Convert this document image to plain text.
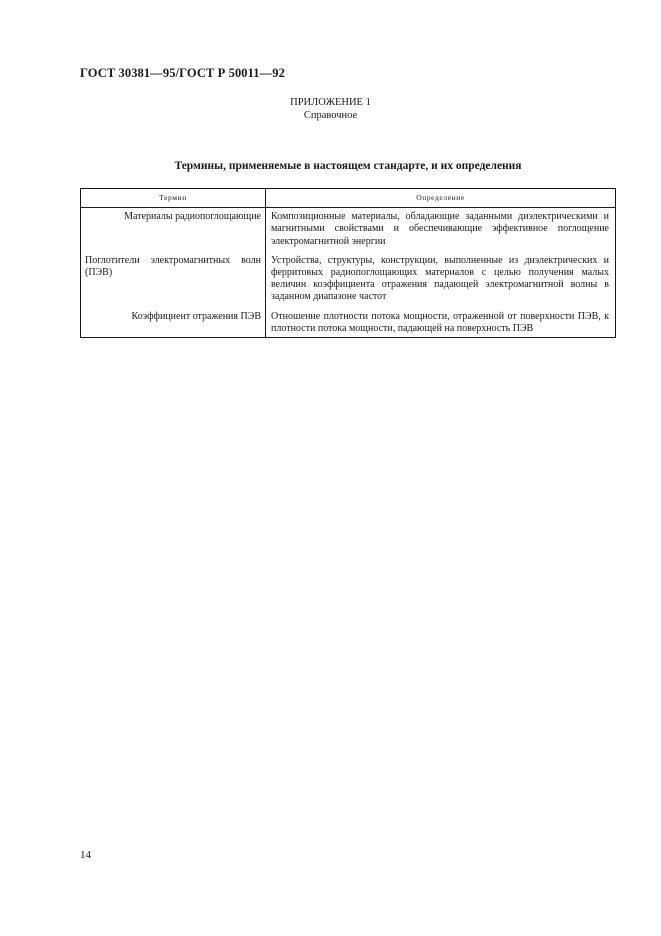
ГОСТ 30381—95/ГОСТ Р 50011—92
ПРИЛОЖЕНИЕ 1
Справочное
Термины, применяемые в настоящем стандарте, и их определения
Термин	Определение
Материалы радиопоглощающие	Композиционные материалы, обладающие заданными диэлектрическими и магнитными свойствами и обеспечивающие эффективное поглощение электромагнитной энергии
Поглотители электромагнитных волн (ПЭВ)	Устройства, структуры, конструкции, выполненные из диэлектрических и ферритовых радиопоглощающих материалов с целью получения малых величин коэффициента отражения падающей электромагнитной волны в заданном диапазоне частот
Коэффициент отражения ПЭВ	Отношение плотности потока мощности, отраженной от поверхности ПЭВ, к плотности потока мощности, падающей на поверхность ПЭВ
14
